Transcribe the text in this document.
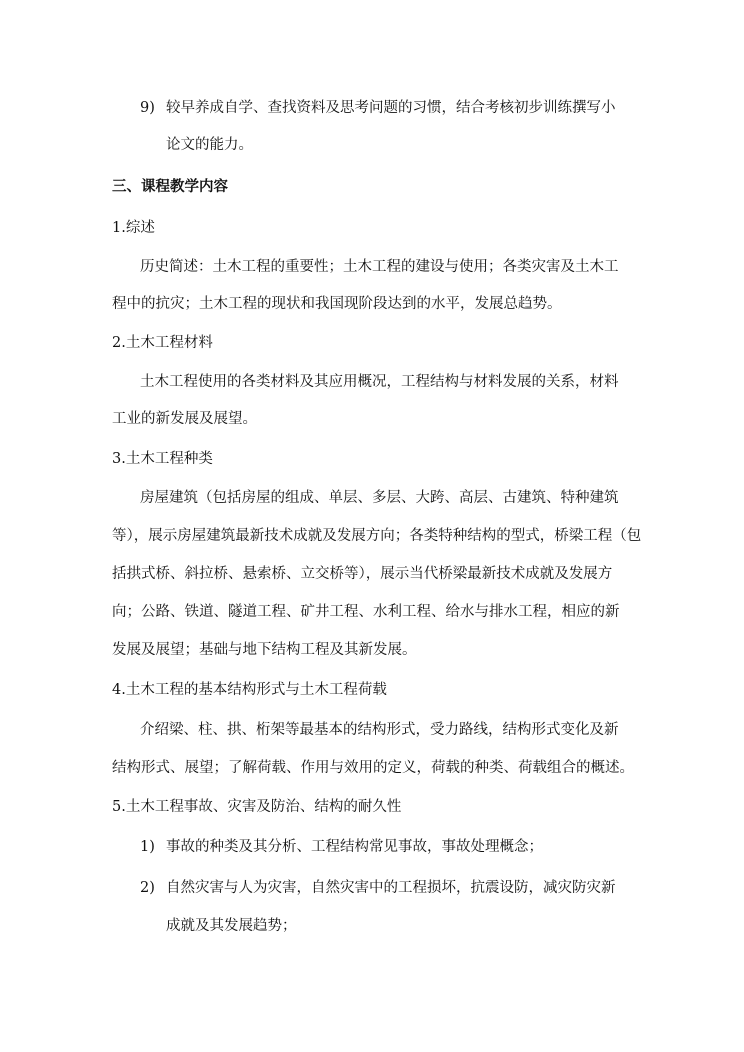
9) 较早养成自学、查找资料及思考问题的习惯，结合考核初步训练撰写小
论文的能力。
三、课程教学内容
1.综述
历史简述：土木工程的重要性；土木工程的建设与使用；各类灾害及土木工
程中的抗灾；土木工程的现状和我国现阶段达到的水平，发展总趋势。
2.土木工程材料
土木工程使用的各类材料及其应用概况，工程结构与材料发展的关系，材料
工业的新发展及展望。
3.土木工程种类
房屋建筑（包括房屋的组成、单层、多层、大跨、高层、古建筑、特种建筑
等），展示房屋建筑最新技术成就及发展方向；各类特种结构的型式，桥梁工程（包
括拱式桥、斜拉桥、悬索桥、立交桥等），展示当代桥梁最新技术成就及发展方
向；公路、铁道、隧道工程、矿井工程、水利工程、给水与排水工程，相应的新
发展及展望；基础与地下结构工程及其新发展。
4.土木工程的基本结构形式与土木工程荷载
介绍梁、柱、拱、桁架等最基本的结构形式，受力路线，结构形式变化及新
结构形式、展望；了解荷载、作用与效用的定义，荷载的种类、荷载组合的概述。
5.土木工程事故、灾害及防治、结构的耐久性
1) 事故的种类及其分析、工程结构常见事故，事故处理概念；
2) 自然灾害与人为灾害，自然灾害中的工程损坏，抗震设防，减灾防灾新
成就及其发展趋势；
